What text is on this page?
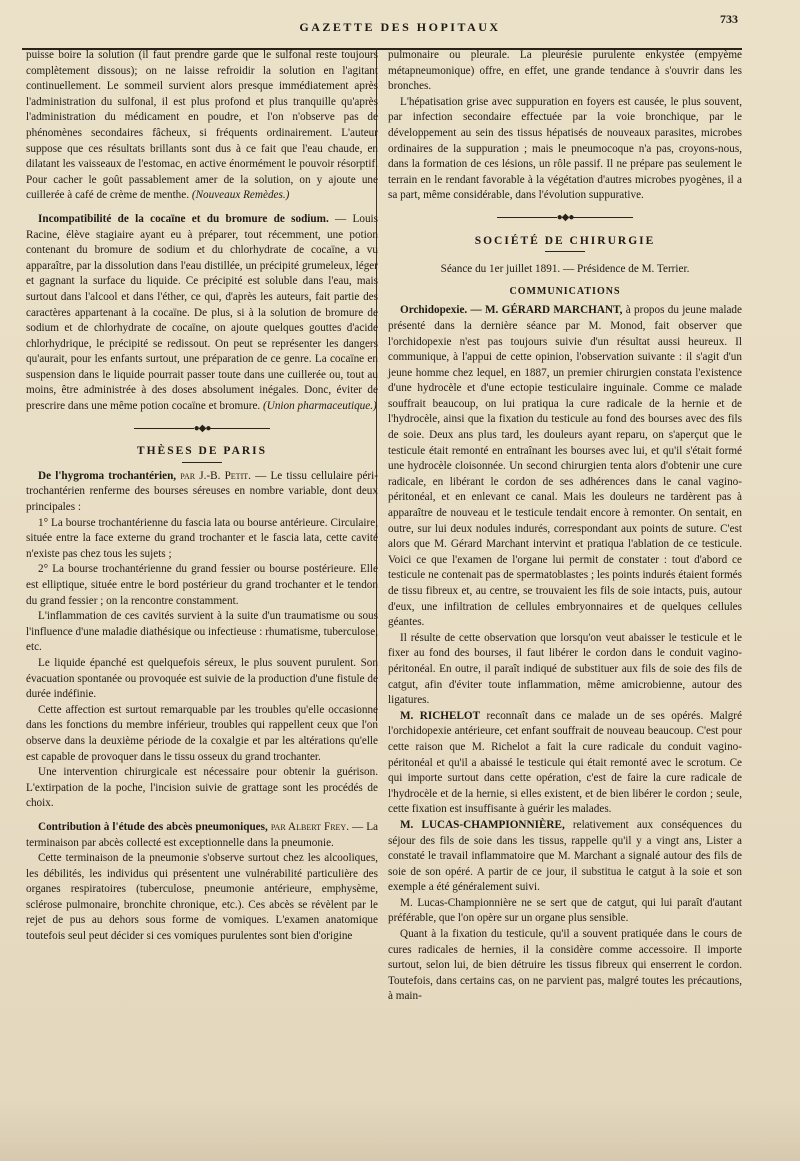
GAZETTE DES HOPITAUX
733

puisse boire la solution (il faut prendre garde que le sulfonal reste toujours complètement dissous); on ne laisse refroidir la solution en l'agitant continuellement. Le sommeil survient alors presque immédiatement après l'administration du sulfonal, il est plus profond et plus tranquille qu'après l'administration du médicament en poudre, et l'on n'observe pas de phénomènes secondaires fâcheux, si fréquents ordinairement. L'auteur suppose que ces résultats brillants sont dus à ce fait que l'eau chaude, en dilatant les vaisseaux de l'estomac, en active énormément le pouvoir résorptif. Pour cacher le goût passablement amer de la solution, on y ajoute une cuillerée à café de crème de menthe. (Nouveaux Remèdes.)

Incompatibilité de la cocaïne et du bromure de sodium. — Louis Racine, élève stagiaire ayant eu à préparer, tout récemment, une potion contenant du bromure de sodium et du chlorhydrate de cocaïne, a vu apparaître, par la dissolution dans l'eau distillée, un précipité grumeleux, léger et gagnant la surface du liquide. Ce précipité est soluble dans l'eau, mais surtout dans l'alcool et dans l'éther, ce qui, d'après les auteurs, fait partie des caractères appartenant à la cocaïne. De plus, si à la solution de bromure de sodium et de chlorhydrate de cocaïne, on ajoute quelques gouttes d'acide chlorhydrique, le précipité se redissout. On peut se représenter les dangers qu'aurait, pour les enfants surtout, une préparation de ce genre. La cocaïne en suspension dans le liquide pourrait passer toute dans une cuillerée ou, tout au moins, être administrée à des doses absolument inégales. Donc, éviter de prescrire dans une même potion cocaïne et bromure. (Union pharmaceutique.)

●◆●
THÈSES DE PARIS

De l'hygroma trochantérien, par J.-B. Petit. — Le tissu cellulaire péri-trochantérien renferme des bourses séreuses en nombre variable, dont deux principales :

1° La bourse trochantérienne du fascia lata ou bourse antérieure. Circulaire, située entre la face externe du grand trochanter et le fascia lata, cette cavité n'existe pas chez tous les sujets ;

2° La bourse trochantérienne du grand fessier ou bourse postérieure. Elle est elliptique, située entre le bord postérieur du grand trochanter et le tendon du grand fessier ; on la rencontre constamment.

L'inflammation de ces cavités survient à la suite d'un traumatisme ou sous l'influence d'une maladie diathésique ou infectieuse : rhumatisme, tuberculose, etc.

Le liquide épanché est quelquefois séreux, le plus souvent purulent. Son évacuation spontanée ou provoquée est suivie de la production d'une fistule de durée indéfinie.

Cette affection est surtout remarquable par les troubles qu'elle occasionne dans les fonctions du membre inférieur, troubles qui rappellent ceux que l'on observe dans la deuxième période de la coxalgie et par les altérations qu'elle est capable de provoquer dans le tissu osseux du grand trochanter.

Une intervention chirurgicale est nécessaire pour obtenir la guérison. L'extirpation de la poche, l'incision suivie de grattage sont les procédés de choix.

Contribution à l'étude des abcès pneumoniques, par Albert Frey. — La terminaison par abcès collecté est exceptionnelle dans la pneumonie.

Cette terminaison de la pneumonie s'observe surtout chez les alcooliques, les débilités, les individus qui présentent une vulnérabilité particulière des organes respiratoires (tuberculose, pneumonie antérieure, emphysème, sclérose pulmonaire, bronchite chronique, etc.). Ces abcès se révèlent par le rejet de pus au dehors sous forme de vomiques. L'examen anatomique toutefois seul peut décider si ces vomiques purulentes sont bien d'origine

pulmonaire ou pleurale. La pleurésie purulente enkystée (empyème métapneumonique) offre, en effet, une grande tendance à s'ouvrir dans les bronches.

L'hépatisation grise avec suppuration en foyers est causée, le plus souvent, par infection secondaire effectuée par la voie bronchique, par le développement au sein des tissus hépatisés de nouveaux parasites, microbes ordinaires de la suppuration ; mais le pneumocoque n'a pas, croyons-nous, dans la formation de ces lésions, un rôle passif. Il ne prépare pas seulement le terrain en le rendant favorable à la végétation d'autres microbes pyogènes, il a sa part, même considérable, dans l'évolution suppurative.

●◆●
SOCIÉTÉ DE CHIRURGIE

Séance du 1er juillet 1891. — Présidence de M. Terrier.

COMMUNICATIONS

Orchidopexie. — M. GÉRARD MARCHANT, à propos du jeune malade présenté dans la dernière séance par M. Monod, fait observer que l'orchidopexie n'est pas toujours suivie d'un résultat aussi heureux. Il communique, à l'appui de cette opinion, l'observation suivante : il s'agit d'un jeune homme chez lequel, en 1887, un premier chirurgien constata l'existence d'une hydrocèle et d'une ectopie testiculaire inguinale. Comme ce malade souffrait beaucoup, on lui pratiqua la cure radicale de la hernie et de l'hydrocèle, ainsi que la fixation du testicule au fond des bourses avec des fils de soie. Deux ans plus tard, les douleurs ayant reparu, on s'aperçut que le testicule était remonté en entraînant les bourses avec lui, et qu'il s'était formé une hydrocèle cloisonnée. Un second chirurgien tenta alors d'obtenir une cure radicale, en libérant le cordon de ses adhérences dans le canal vagino-péritonéal, et en enlevant ce canal. Mais les douleurs ne tardèrent pas à apparaître de nouveau et le testicule tendait encore à remonter. On sentait, en outre, sur lui deux nodules indurés, correspondant aux points de suture. C'est alors que M. Gérard Marchant intervint et pratiqua l'ablation de ce testicule. Voici ce que l'examen de l'organe lui permit de constater : tout d'abord ce testicule ne contenait pas de spermatoblastes ; les points indurés étaient formés de tissu fibreux et, au centre, se trouvaient les fils de soie intacts, puis, autour d'eux, une infiltration de cellules embryonnaires et de quelques cellules géantes.

Il résulte de cette observation que lorsqu'on veut abaisser le testicule et le fixer au fond des bourses, il faut libérer le cordon dans le conduit vagino-péritonéal. En outre, il paraît indiqué de substituer aux fils de soie des fils de catgut, afin d'éviter toute inflammation, même amicrobienne, autour des ligatures.

M. RICHELOT reconnaît dans ce malade un de ses opérés. Malgré l'orchidopexie antérieure, cet enfant souffrait de nouveau beaucoup. C'est pour cette raison que M. Richelot a fait la cure radicale du conduit vagino-péritonéal et qu'il a abaissé le testicule qui était remonté avec le scrotum. Ce qui importe surtout dans cette opération, c'est de faire la cure radicale de l'hydrocèle et de la hernie, si elles existent, et de bien libérer le cordon ; seule, cette fixation est insuffisante à guérir les malades.

M. LUCAS-CHAMPIONNIÈRE, relativement aux conséquences du séjour des fils de soie dans les tissus, rappelle qu'il y a vingt ans, Lister a constaté le travail inflammatoire que M. Marchant a signalé autour des fils de soie de son opéré. A partir de ce jour, il substitua le catgut à la soie et son exemple a été généralement suivi.

M. Lucas-Championnière ne se sert que de catgut, qui lui paraît d'autant préférable, que l'on opère sur un organe plus sensible.

Quant à la fixation du testicule, qu'il a souvent pratiquée dans le cours de cures radicales de hernies, il la considère comme accessoire. Il importe surtout, selon lui, de bien détruire les tissus fibreux qui enserrent le cordon. Toutefois, dans certains cas, on ne parvient pas, malgré toutes les précautions, à main-
